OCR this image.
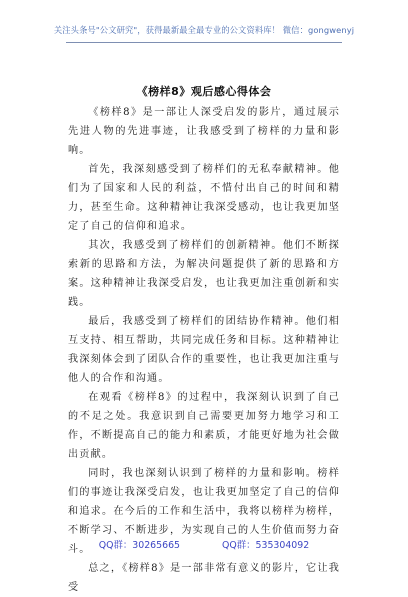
关注头条号"公文研究"，获得最新最全最专业的公文资料库！ 微信：gongwenyj
《榜样8》观后感心得体会

《榜样8》是一部让人深受启发的影片，通过展示先进人物的先进事迹，让我感受到了榜样的力量和影响。

首先，我深刻感受到了榜样们的无私奉献精神。他们为了国家和人民的利益，不惜付出自己的时间和精力，甚至生命。这种精神让我深受感动，也让我更加坚定了自己的信仰和追求。

其次，我感受到了榜样们的创新精神。他们不断探索新的思路和方法，为解决问题提供了新的思路和方案。这种精神让我深受启发，也让我更加注重创新和实践。

最后，我感受到了榜样们的团结协作精神。他们相互支持、相互帮助，共同完成任务和目标。这种精神让我深刻体会到了团队合作的重要性，也让我更加注重与他人的合作和沟通。

在观看《榜样8》的过程中，我深刻认识到了自己的不足之处。我意识到自己需要更加努力地学习和工作，不断提高自己的能力和素质，才能更好地为社会做出贡献。

同时，我也深刻认识到了榜样的力量和影响。榜样们的事迹让我深受启发，也让我更加坚定了自己的信仰和追求。在今后的工作和生活中，我将以榜样为榜样，不断学习、不断进步，为实现自己的人生价值而努力奋斗。

总之，《榜样8》是一部非常有意义的影片，它让我受

QQ群：30265665	QQ群：535304092
